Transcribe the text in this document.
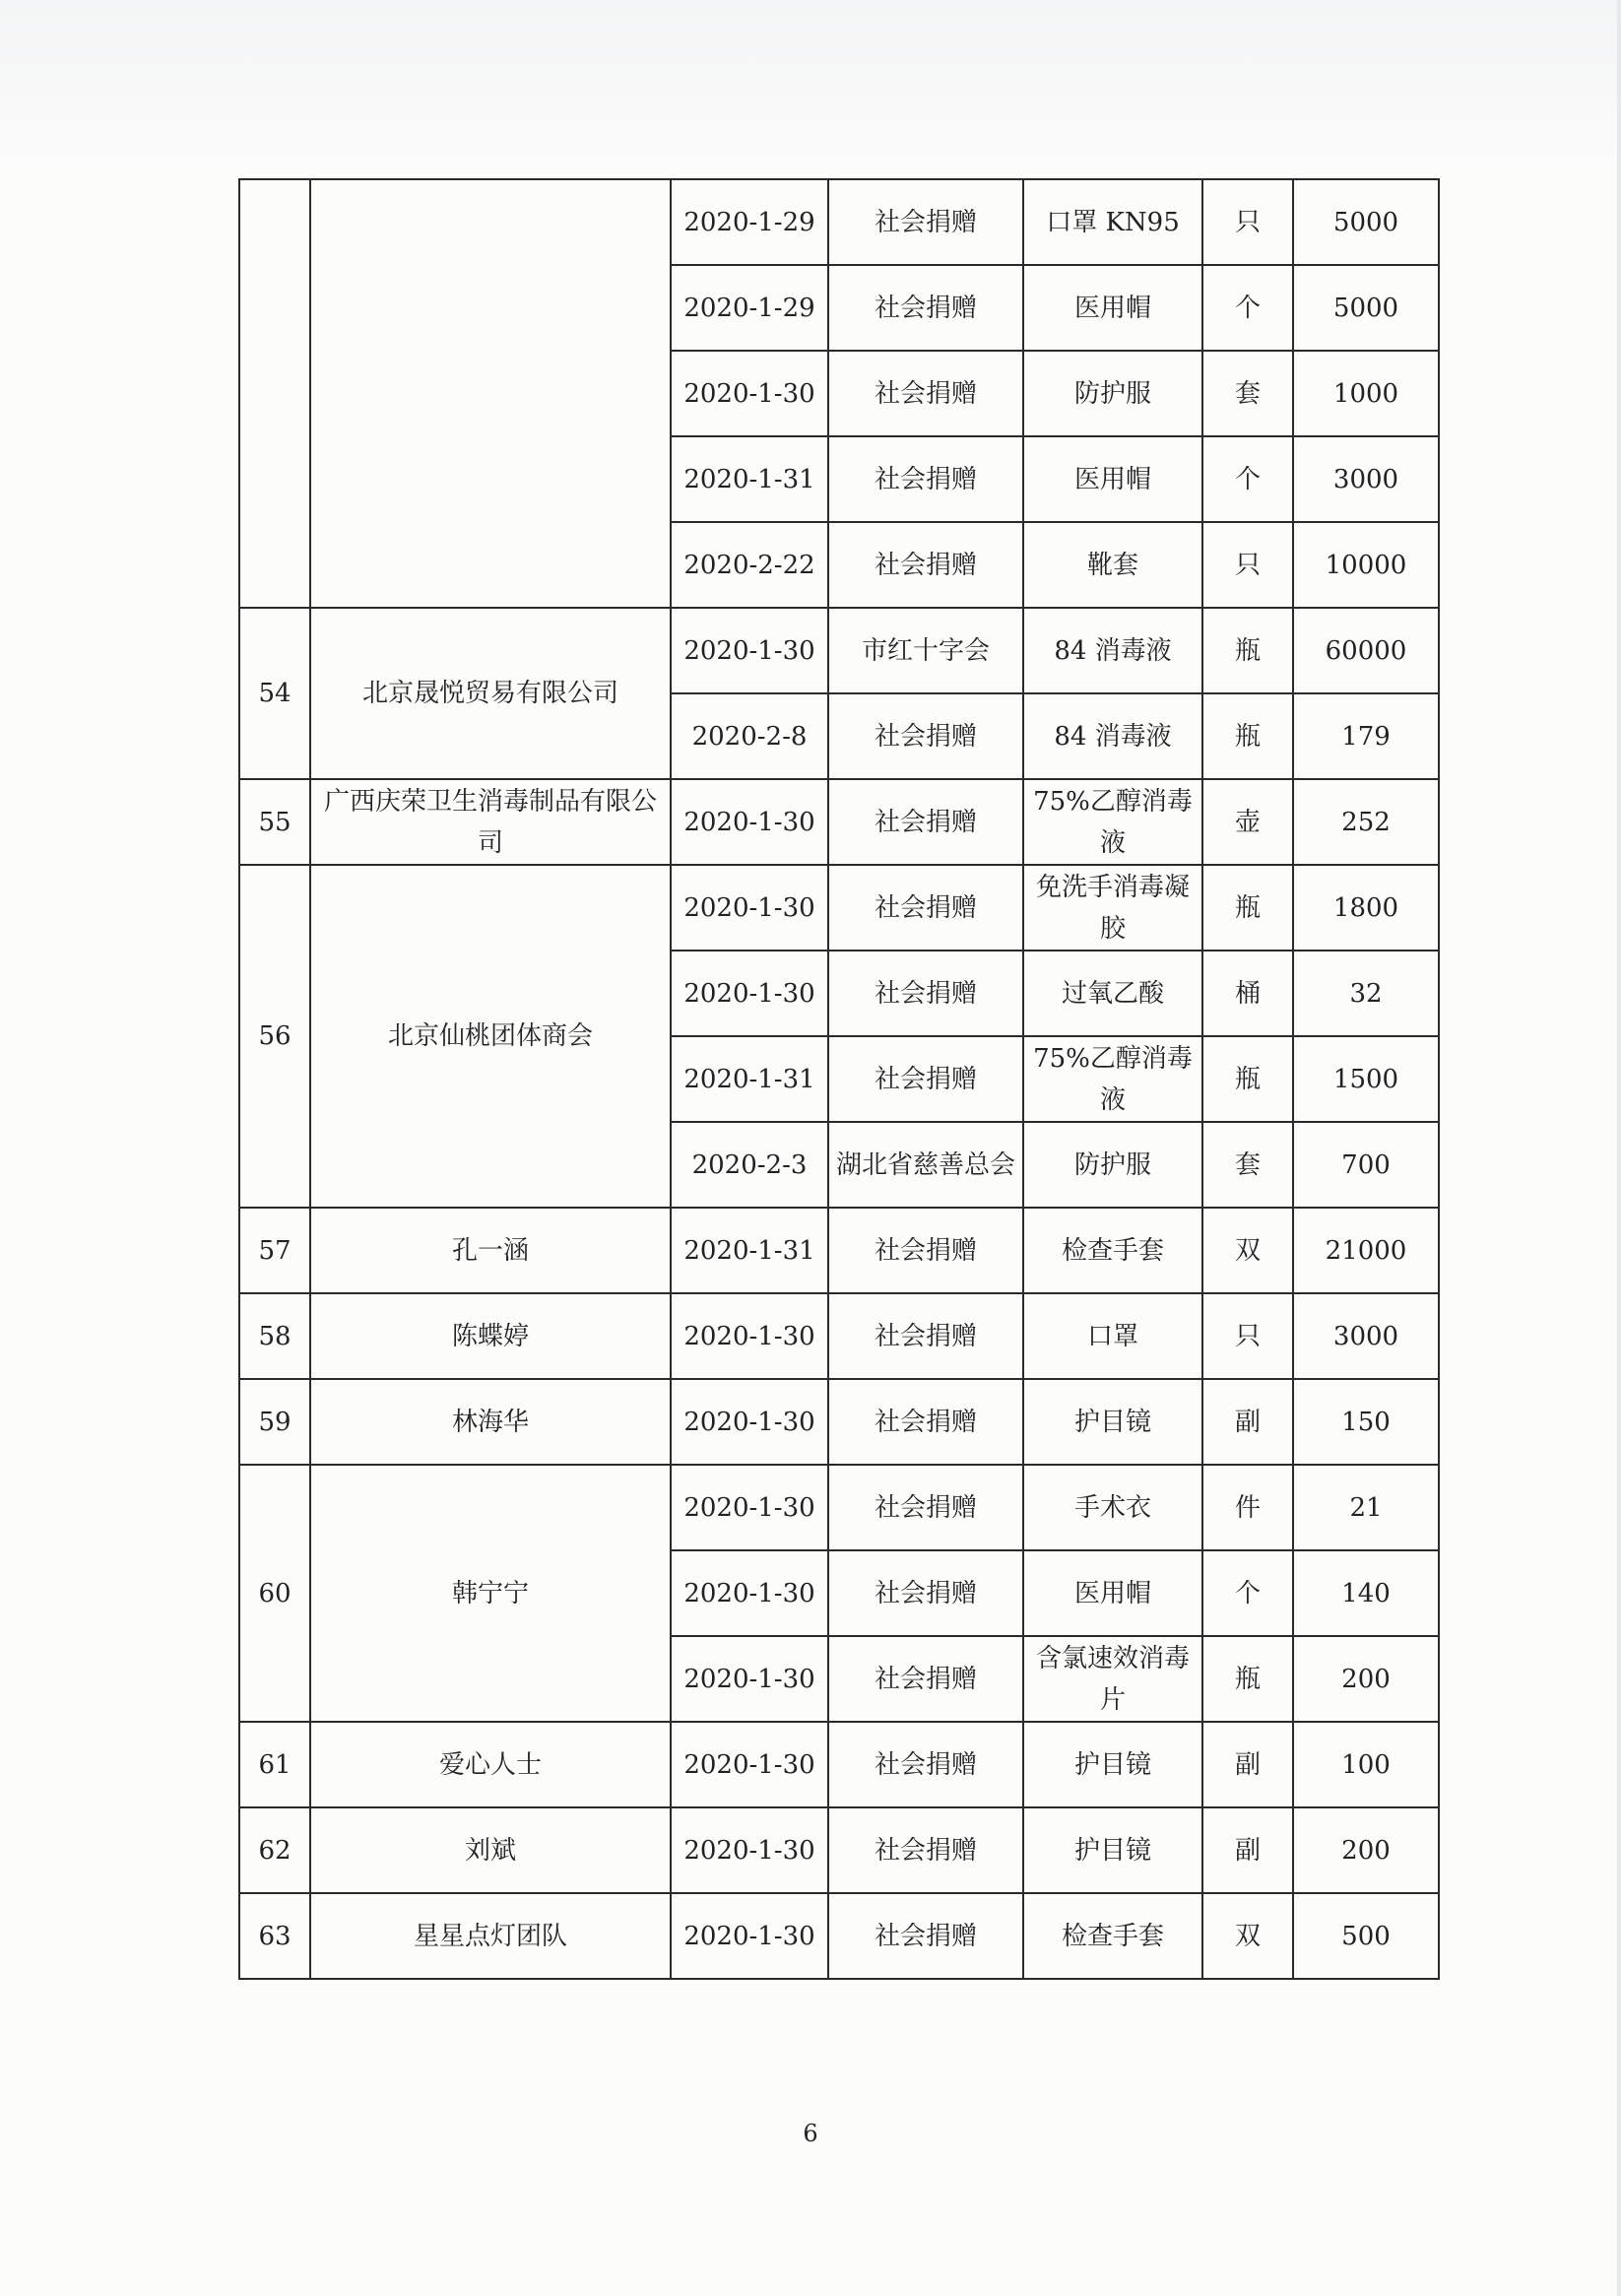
		2020-1-29	社会捐赠	口罩 KN95	只	5000
		2020-1-29	社会捐赠	医用帽	个	5000
		2020-1-30	社会捐赠	防护服	套	1000
		2020-1-31	社会捐赠	医用帽	个	3000
		2020-2-22	社会捐赠	靴套	只	10000
54	北京晟悦贸易有限公司	2020-1-30	市红十字会	84 消毒液	瓶	60000
		2020-2-8	社会捐赠	84 消毒液	瓶	179
55	广西庆荣卫生消毒制品有限公司	2020-1-30	社会捐赠	75%乙醇消毒液	壶	252
56	北京仙桃团体商会	2020-1-30	社会捐赠	免洗手消毒凝胶	瓶	1800
		2020-1-30	社会捐赠	过氧乙酸	桶	32
		2020-1-31	社会捐赠	75%乙醇消毒液	瓶	1500
		2020-2-3	湖北省慈善总会	防护服	套	700
57	孔一涵	2020-1-31	社会捐赠	检查手套	双	21000
58	陈蝶婷	2020-1-30	社会捐赠	口罩	只	3000
59	林海华	2020-1-30	社会捐赠	护目镜	副	150
60	韩宁宁	2020-1-30	社会捐赠	手术衣	件	21
		2020-1-30	社会捐赠	医用帽	个	140
		2020-1-30	社会捐赠	含氯速效消毒片	瓶	200
61	爱心人士	2020-1-30	社会捐赠	护目镜	副	100
62	刘斌	2020-1-30	社会捐赠	护目镜	副	200
63	星星点灯团队	2020-1-30	社会捐赠	检查手套	双	500
6
